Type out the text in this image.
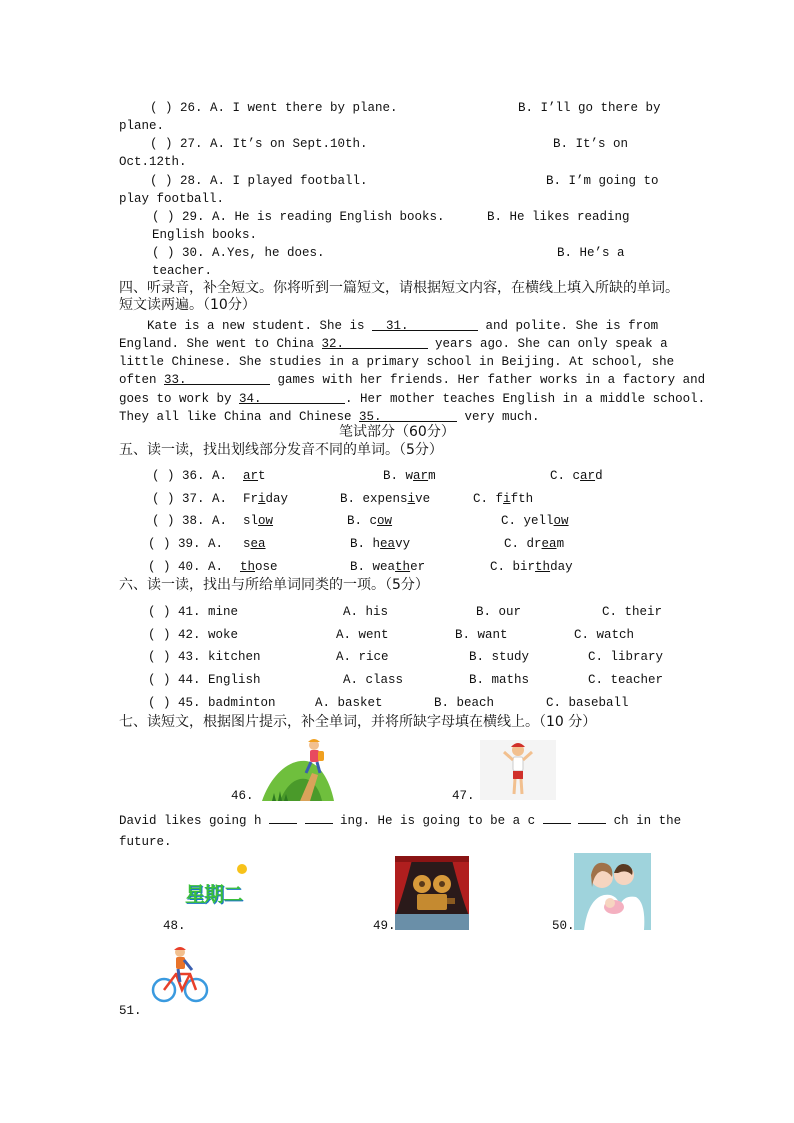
( ) 26. A. I went there by plane.	B. I’ll go there by
plane.
( ) 27. A. It’s on Sept.10th.	B. It’s on
Oct.12th.
( ) 28. A. I played football.	B. I’m going to
play football.
( ) 29. A. He is reading English books.	B. He likes reading
English books.
( ) 30. A.Yes, he does.	B. He’s a
teacher.
四、听录音，补全短文。你将听到一篇短文，请根据短文内容，在横线上填入所缺的单词。
短文读两遍。（10分）
Kate is a new student. She is 31.	and polite. She is from
England. She went to China 32.	years ago. She can only speak a
little Chinese. She studies in a primary school in Beijing. At school, she
often 33.	games with her friends. Her father works in a factory and
goes to work by 34.	. Her mother teaches English in a middle school.
They all like China and Chinese 35.	very much.
笔试部分（60分）
五、读一读，找出划线部分发音不同的单词。（5分）
( ) 36. A. art	B. warm	C. card
( ) 37. A. Friday	B. expensive	C. fifth
( ) 38. A. slow	B. cow	C. yellow
( ) 39. A. sea	B. heavy	C. dream
( ) 40. A. those	B. weather	C. birthday
六、读一读，找出与所给单词同类的一项。（5分）
( ) 41. mine	A. his	B. our	C. their
( ) 42. woke	A. went	B. want	C. watch
( ) 43. kitchen	A. rice	B. study	C. library
( ) 44. English	A. class	B. maths	C. teacher
( ) 45. badminton	A. basket	B. beach	C. baseball
七、读短文，根据图片提示，补全单词，并将所缺字母填在横线上。（10 分）
46.	47.
David likes going h	ing. He is going to be a c	ch in the
future.
星期二
48.	49.	50.
51.
